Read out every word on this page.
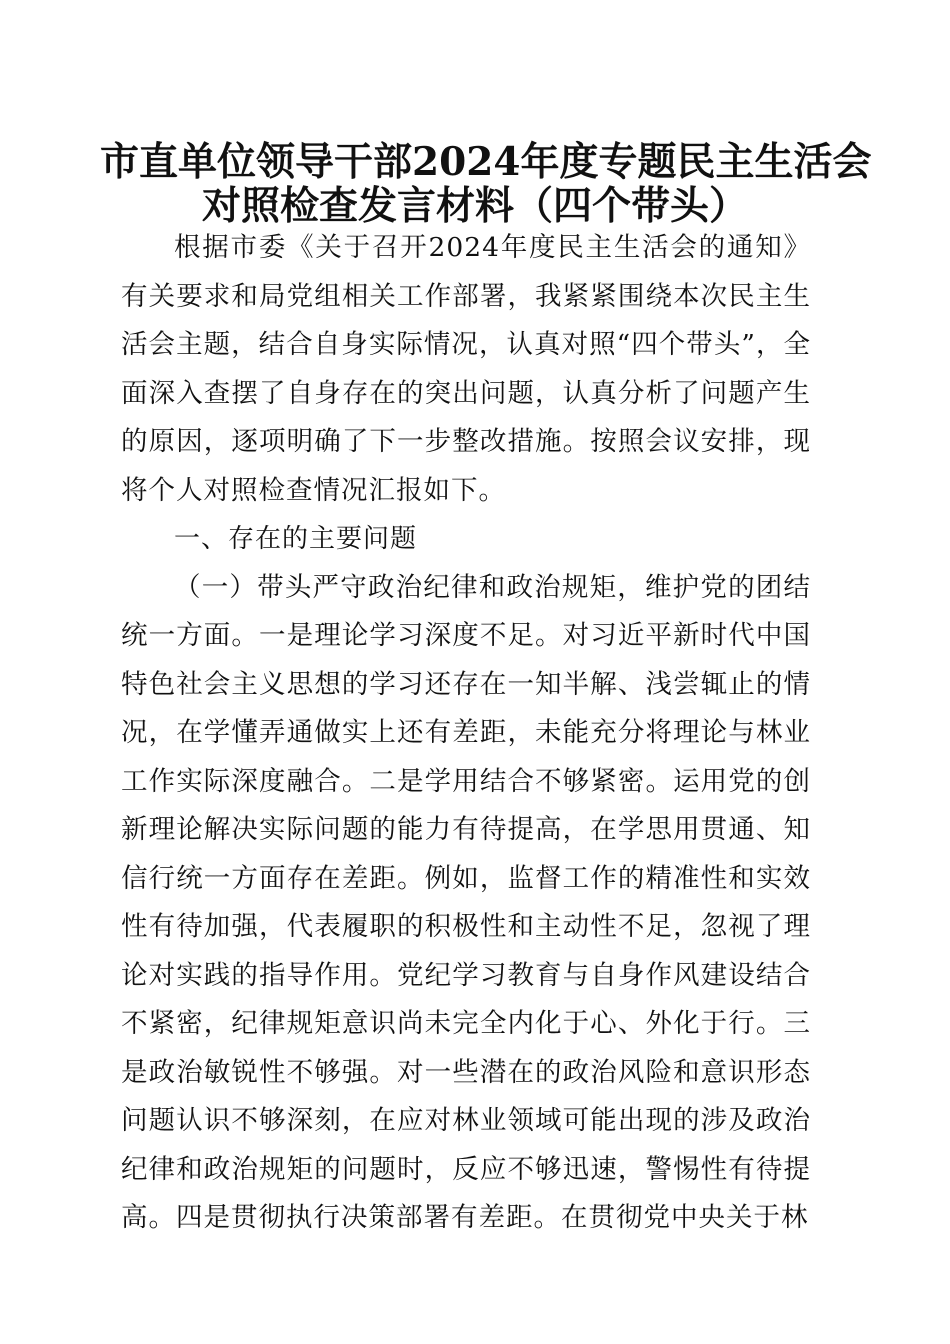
市直单位领导干部2024年度专题民主生活会
对照检查发言材料（四个带头）

根据市委《关于召开2024年度民主生活会的通知》有关要求和局党组相关工作部署，我紧紧围绕本次民主生活会主题，结合自身实际情况，认真对照“四个带头”，全面深入查摆了自身存在的突出问题，认真分析了问题产生的原因，逐项明确了下一步整改措施。按照会议安排，现将个人对照检查情况汇报如下。

一、存在的主要问题

（一）带头严守政治纪律和政治规矩，维护党的团结统一方面。一是理论学习深度不足。对习近平新时代中国特色社会主义思想的学习还存在一知半解、浅尝辄止的情况，在学懂弄通做实上还有差距，未能充分将理论与林业工作实际深度融合。二是学用结合不够紧密。运用党的创新理论解决实际问题的能力有待提高，在学思用贯通、知信行统一方面存在差距。例如，监督工作的精准性和实效性有待加强，代表履职的积极性和主动性不足，忽视了理论对实践的指导作用。党纪学习教育与自身作风建设结合不紧密，纪律规矩意识尚未完全内化于心、外化于行。三是政治敏锐性不够强。对一些潜在的政治风险和意识形态问题认识不够深刻，在应对林业领域可能出现的涉及政治纪律和政治规矩的问题时，反应不够迅速，警惕性有待提高。四是贯彻执行决策部署有差距。在贯彻党中央关于林
